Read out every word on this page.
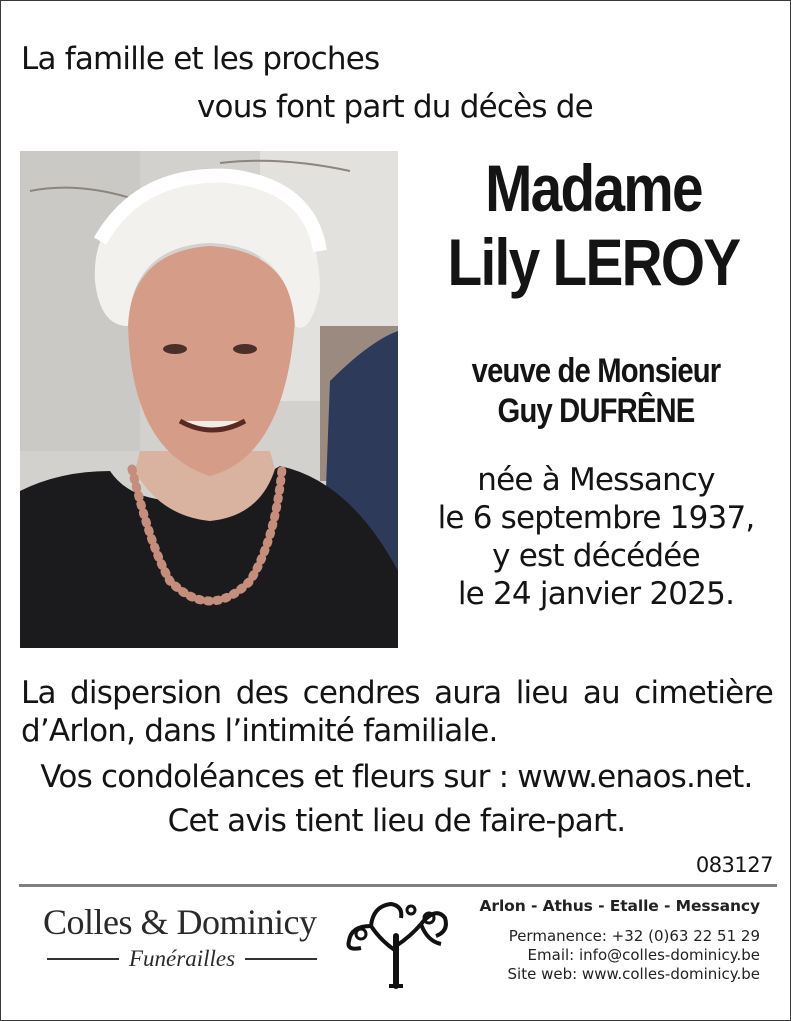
La famille et les proches
vous font part du décès de
Madame
Lily LEROY
veuve de Monsieur
Guy DUFRÊNE
née à Messancy
le 6 septembre 1937,
y est décédée
le 24 janvier 2025.
La dispersion des cendres aura lieu au cimetière
d’Arlon, dans l’intimité familiale.
Vos condoléances et fleurs sur : www.enaos.net.
Cet avis tient lieu de faire-part.
083127
Colles & Dominicy
Funérailles
Arlon - Athus - Etalle - Messancy
Permanence: +32 (0)63 22 51 29
Email: info@colles-dominicy.be
Site web: www.colles-dominicy.be
